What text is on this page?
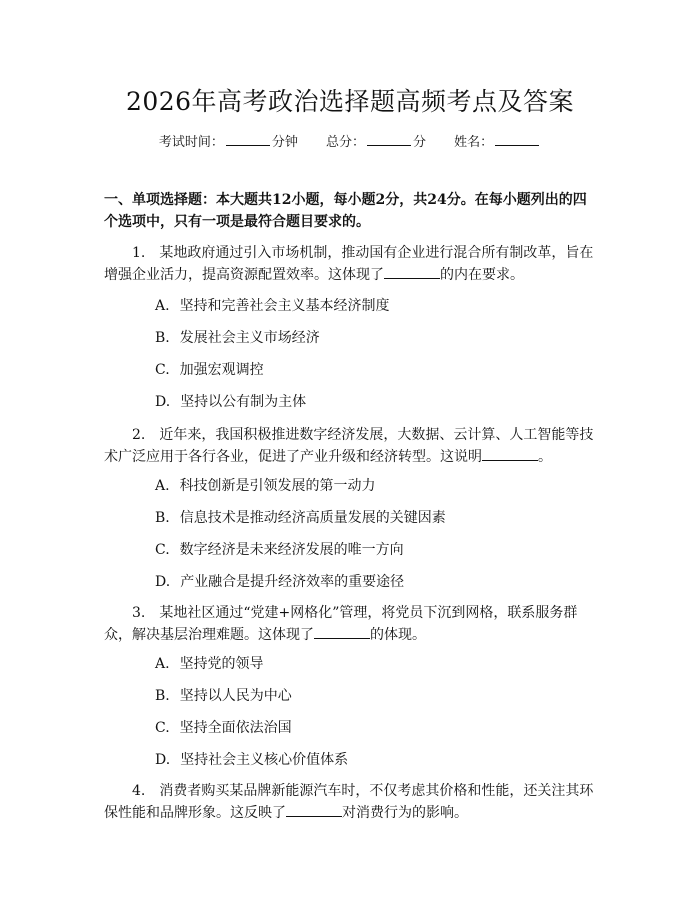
2026年高考政治选择题高频考点及答案
考试时间：	分钟 总分：	分 姓名：
一、单项选择题：本大题共12小题，每小题2分，共24分。在每小题列出的四个选项中，只有一项是最符合题目要求的。
1. 某地政府通过引入市场机制，推动国有企业进行混合所有制改革，旨在增强企业活力，提高资源配置效率。这体现了	的内在要求。
A. 坚持和完善社会主义基本经济制度
B. 发展社会主义市场经济
C. 加强宏观调控
D. 坚持以公有制为主体
2. 近年来，我国积极推进数字经济发展，大数据、云计算、人工智能等技术广泛应用于各行各业，促进了产业升级和经济转型。这说明	。
A. 科技创新是引领发展的第一动力
B. 信息技术是推动经济高质量发展的关键因素
C. 数字经济是未来经济发展的唯一方向
D. 产业融合是提升经济效率的重要途径
3. 某地社区通过“党建+网格化”管理，将党员下沉到网格，联系服务群众，解决基层治理难题。这体现了	的体现。
A. 坚持党的领导
B. 坚持以人民为中心
C. 坚持全面依法治国
D. 坚持社会主义核心价值体系
4. 消费者购买某品牌新能源汽车时，不仅考虑其价格和性能，还关注其环保性能和品牌形象。这反映了	对消费行为的影响。
